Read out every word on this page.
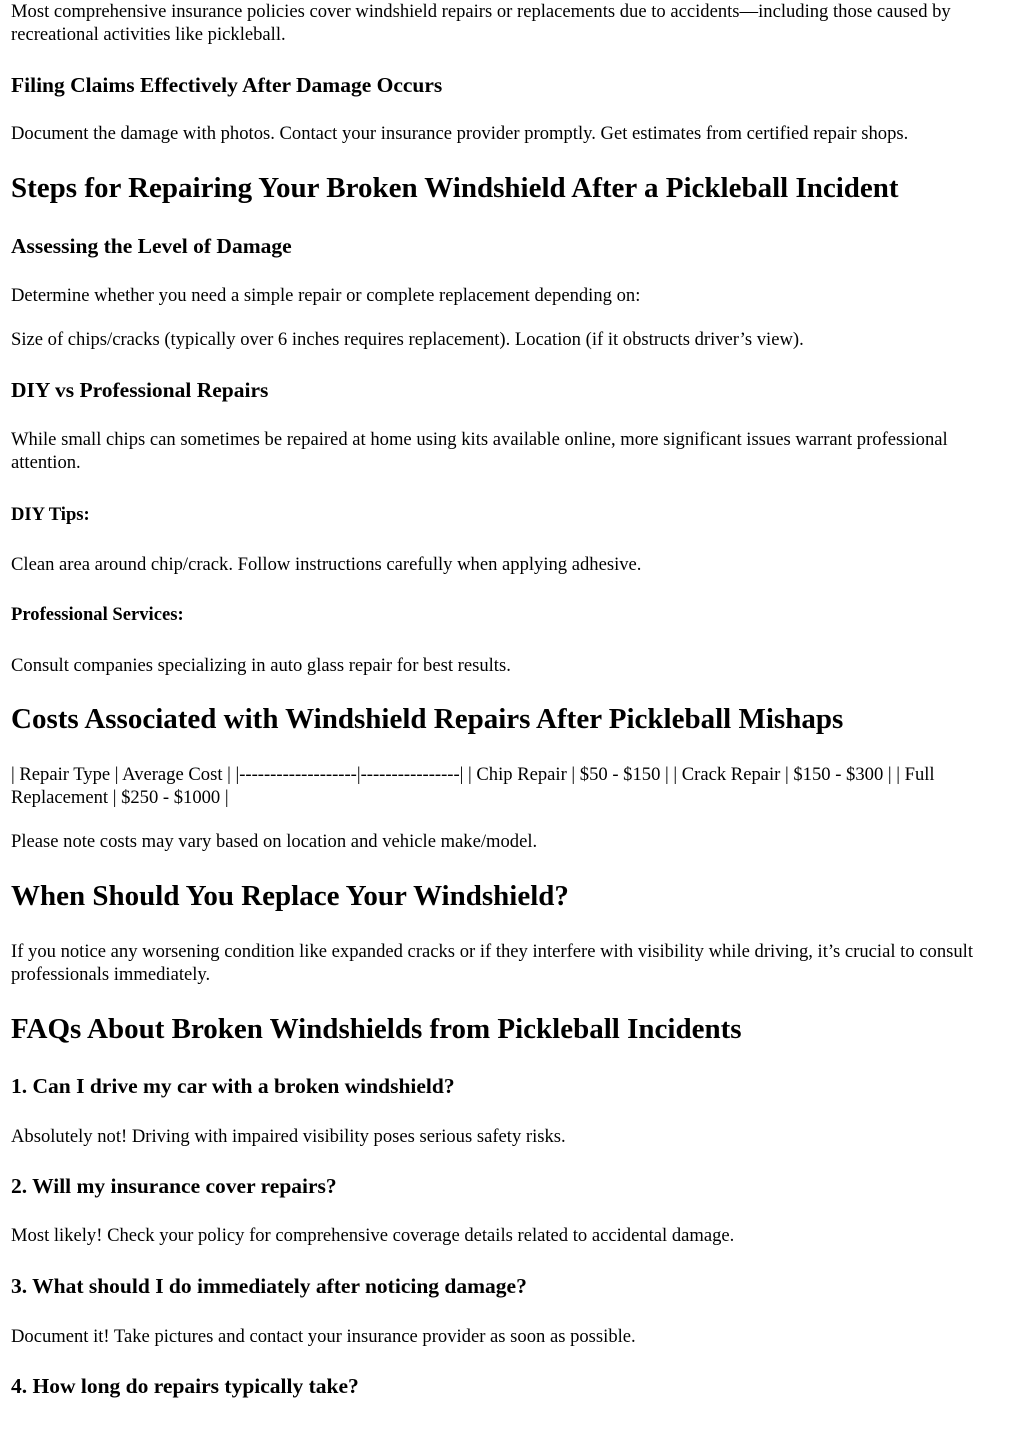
Most comprehensive insurance policies cover windshield repairs or replacements due to accidents—including those caused by recreational activities like pickleball.

Filing Claims Effectively After Damage Occurs

Document the damage with photos. Contact your insurance provider promptly. Get estimates from certified repair shops.

Steps for Repairing Your Broken Windshield After a Pickleball Incident
Assessing the Level of Damage

Determine whether you need a simple repair or complete replacement depending on:

Size of chips/cracks (typically over 6 inches requires replacement). Location (if it obstructs driver’s view).

DIY vs Professional Repairs

While small chips can sometimes be repaired at home using kits available online, more significant issues warrant professional attention.

DIY Tips:

Clean area around chip/crack. Follow instructions carefully when applying adhesive.

Professional Services:

Consult companies specializing in auto glass repair for best results.

Costs Associated with Windshield Repairs After Pickleball Mishaps

| Repair Type | Average Cost | |-------------------|----------------| | Chip Repair | $50 - $150 | | Crack Repair | $150 - $300 | | Full Replacement | $250 - $1000 |

Please note costs may vary based on location and vehicle make/model.

When Should You Replace Your Windshield?

If you notice any worsening condition like expanded cracks or if they interfere with visibility while driving, it’s crucial to consult professionals immediately.

FAQs About Broken Windshields from Pickleball Incidents
1. Can I drive my car with a broken windshield?

Absolutely not! Driving with impaired visibility poses serious safety risks.

2. Will my insurance cover repairs?

Most likely! Check your policy for comprehensive coverage details related to accidental damage.

3. What should I do immediately after noticing damage?

Document it! Take pictures and contact your insurance provider as soon as possible.

4. How long do repairs typically take?
